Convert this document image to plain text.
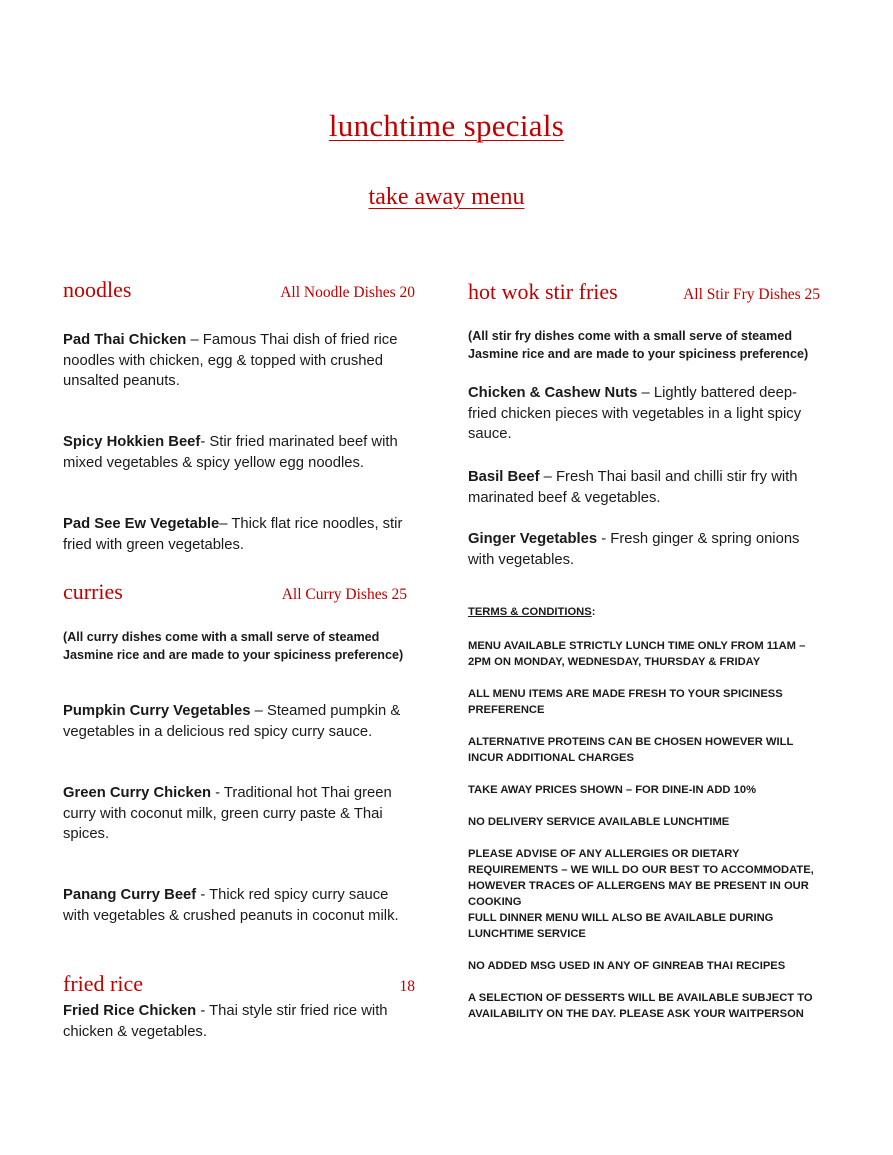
lunchtime specials
take away menu
noodles	All Noodle Dishes 20

Pad Thai Chicken – Famous Thai dish of fried rice noodles with chicken, egg & topped with crushed unsalted peanuts.

Spicy Hokkien Beef- Stir fried marinated beef with mixed vegetables & spicy yellow egg noodles.

Pad See Ew Vegetable– Thick flat rice noodles, stir fried with green vegetables.

curries	All Curry Dishes 25

(All curry dishes come with a small serve of steamed Jasmine rice and are made to your spiciness preference)

Pumpkin Curry Vegetables – Steamed pumpkin & vegetables in a delicious red spicy curry sauce.

Green Curry Chicken - Traditional hot Thai green curry with coconut milk, green curry paste & Thai spices.

Panang Curry Beef - Thick red spicy curry sauce with vegetables & crushed peanuts in coconut milk.

fried rice	18

Fried Rice Chicken - Thai style stir fried rice with chicken & vegetables.

hot wok stir fries	All Stir Fry Dishes 25

(All stir fry dishes come with a small serve of steamed Jasmine rice and are made to your spiciness preference)

Chicken & Cashew Nuts – Lightly battered deep-fried chicken pieces with vegetables in a light spicy sauce.

Basil Beef – Fresh Thai basil and chilli stir fry with marinated beef & vegetables.

Ginger Vegetables - Fresh ginger & spring onions with vegetables.

TERMS & CONDITIONS:

MENU AVAILABLE STRICTLY LUNCH TIME ONLY FROM 11AM – 2PM ON MONDAY, WEDNESDAY, THURSDAY & FRIDAY

ALL MENU ITEMS ARE MADE FRESH TO YOUR SPICINESS PREFERENCE

ALTERNATIVE PROTEINS CAN BE CHOSEN HOWEVER WILL INCUR ADDITIONAL CHARGES

TAKE AWAY PRICES SHOWN – FOR DINE-IN ADD 10%

NO DELIVERY SERVICE AVAILABLE LUNCHTIME

PLEASE ADVISE OF ANY ALLERGIES OR DIETARY REQUIREMENTS – WE WILL DO OUR BEST TO ACCOMMODATE, HOWEVER TRACES OF ALLERGENS MAY BE PRESENT IN OUR COOKING

FULL DINNER MENU WILL ALSO BE AVAILABLE DURING LUNCHTIME SERVICE

NO ADDED MSG USED IN ANY OF GINREAB THAI RECIPES

A SELECTION OF DESSERTS WILL BE AVAILABLE SUBJECT TO AVAILABILITY ON THE DAY. PLEASE ASK YOUR WAITPERSON
